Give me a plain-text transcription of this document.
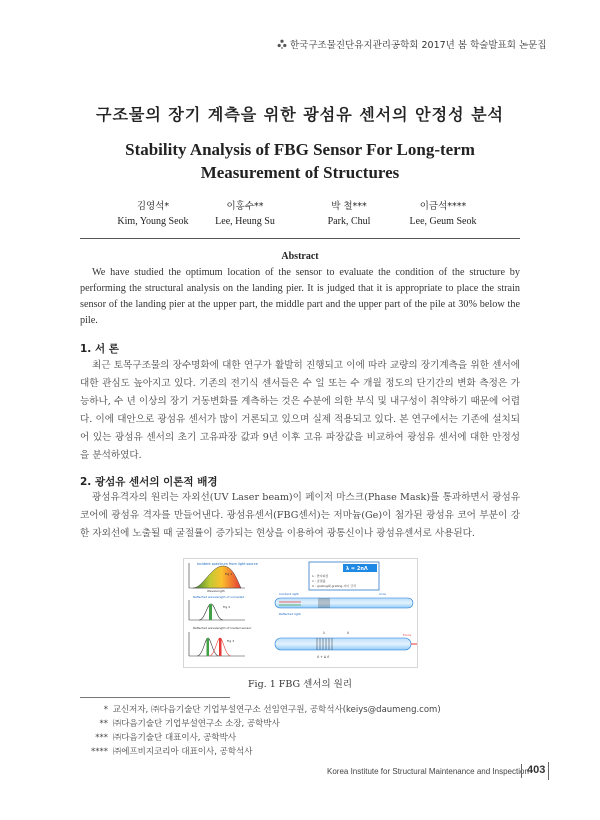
한국구조물진단유지관리공학회 2017년 봄 학술발표회 논문집
구조물의 장기 계측을 위한 광섬유 센서의 안정성 분석
Stability Analysis of FBG Sensor For Long-term Measurement of Structures
김영석*
Kim, Young Seok
이홍수**
Lee, Heung Su
박 철***
Park, Chul
이금석****
Lee, Geum Seok
Abstract
We have studied the optimum location of the sensor to evaluate the condition of the structure by performing the structural analysis on the landing pier. It is judged that it is appropriate to place the strain sensor of the landing pier at the upper part, the middle part and the upper part of the pile at 30% below the pile.
1. 서 론
최근 토목구조물의 장수명화에 대한 연구가 활발히 진행되고 이에 따라 교량의 장기계측을 위한 센서에 대한 관심도 높아지고 있다. 기존의 전기식 센서들은 수 일 또는 수 개월 정도의 단기간의 변화 측정은 가능하나, 수 년 이상의 장기 거동변화를 계측하는 것은 수분에 의한 부식 및 내구성이 취약하기 때문에 어렵다. 이에 대안으로 광섬유 센서가 많이 거론되고 있으며 실제 적용되고 있다. 본 연구에서는 기존에 설치되어 있는 광섬유 센서의 초기 고유파장 값과 9년 이후 고유 파장값을 비교하여 광섬유 센서에 대한 안정성을 분석하였다.
2. 광섬유 센서의 이론적 배경
광섬유격자의 원리는 자외선(UV Laser beam)이 페이저 마스크(Phase Mask)를 통과하면서 광섬유 코어에 광섬유 격자를 만들어낸다. 광섬유센서(FBG센서)는 저마늄(Ge)이 첨가된 광섬유 코어 부분이 강한 자외선에 노출될 때 굴절률이 증가되는 현상을 이용하여 광통신이나 광섬유센서로 사용된다.
Incident spectrum from light source
Fig 1
Wavelength
Reflected wavelength of unloaded
Fig 2
Reflected wavelength of loaded sensor
Fig 3
λ = 2nΛ
λ : 반사파장
n : 굴절률
Λ : grating의 grating 사이 간격
Incident light
Reflected light
Core
λ	Λ
Λ + Δ Λ
Force
Fig. 1 FBG 센서의 원리
* 교신저자, ㈜다음기술단 기업부설연구소 선임연구원, 공학석사(keiys@daumeng.com)
** ㈜다음기술단 기업부설연구소 소장, 공학박사
*** ㈜다음기술단 대표이사, 공학박사
**** ㈜에프비지코리아 대표이사, 공학석사
Korea Institute for Structural Maintenance and Inspection
403
